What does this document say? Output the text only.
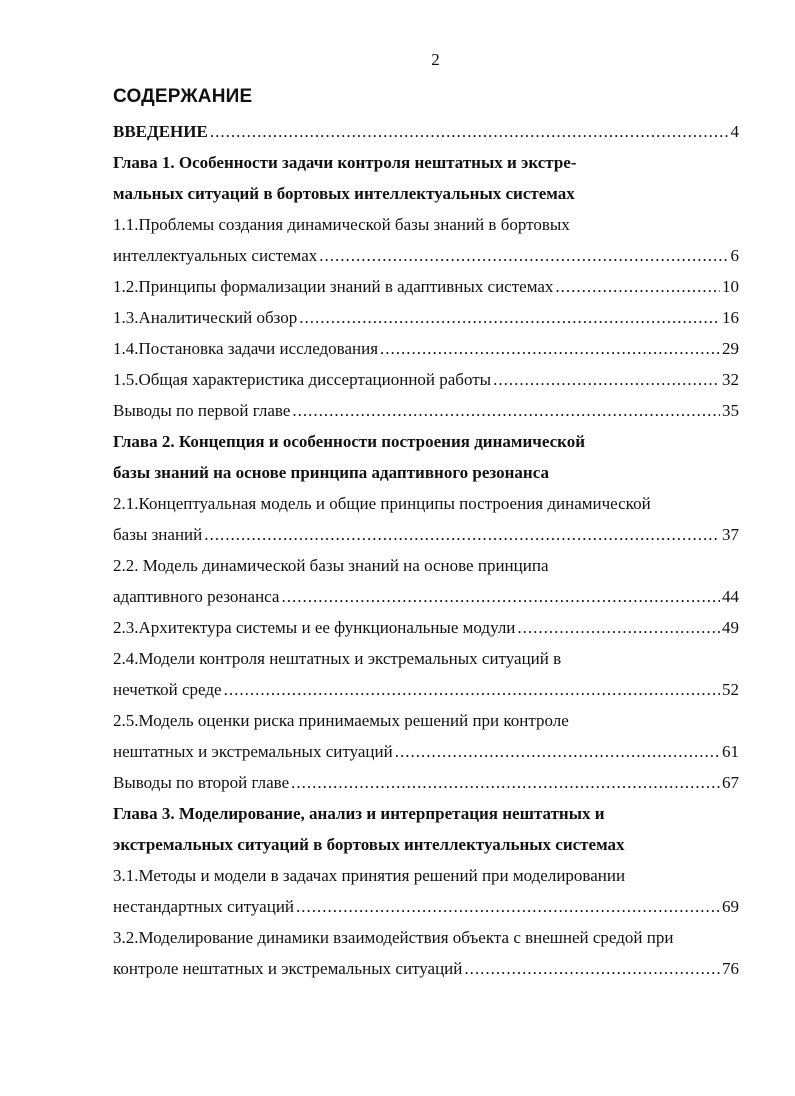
2
СОДЕРЖАНИЕ
ВВЕДЕНИЕ .....	4
Глава 1. Особенности задачи контроля нештатных и экстре-
мальных ситуаций в бортовых интеллектуальных системах
1.1.Проблемы создания динамической базы знаний в бортовых
интеллектуальных системах .....	6
1.2.Принципы формализации знаний в адаптивных системах .....	10
1.3.Аналитический обзор .....	16
1.4.Постановка задачи исследования .....	29
1.5.Общая характеристика диссертационной работы .....	32
Выводы по первой главе .....	35
Глава 2. Концепция и особенности построения динамической
базы знаний на основе принципа адаптивного резонанса
2.1.Концептуальная модель и общие принципы построения динамической
базы знаний .....	37
2.2. Модель динамической базы знаний на основе принципа
адаптивного резонанса .....	44
2.3.Архитектура системы и ее функциональные модули .....	49
2.4.Модели контроля нештатных и экстремальных ситуаций в
нечеткой среде .....	52
2.5.Модель оценки риска принимаемых решений при контроле
нештатных и экстремальных ситуаций .....	61
Выводы по второй главе .....	67
Глава 3. Моделирование, анализ и интерпретация нештатных и
экстремальных ситуаций в бортовых интеллектуальных системах
3.1.Методы и модели в задачах принятия решений при моделировании
нестандартных ситуаций .....	69
3.2.Моделирование динамики взаимодействия объекта с внешней средой при
контроле нештатных и экстремальных ситуаций .....	76
